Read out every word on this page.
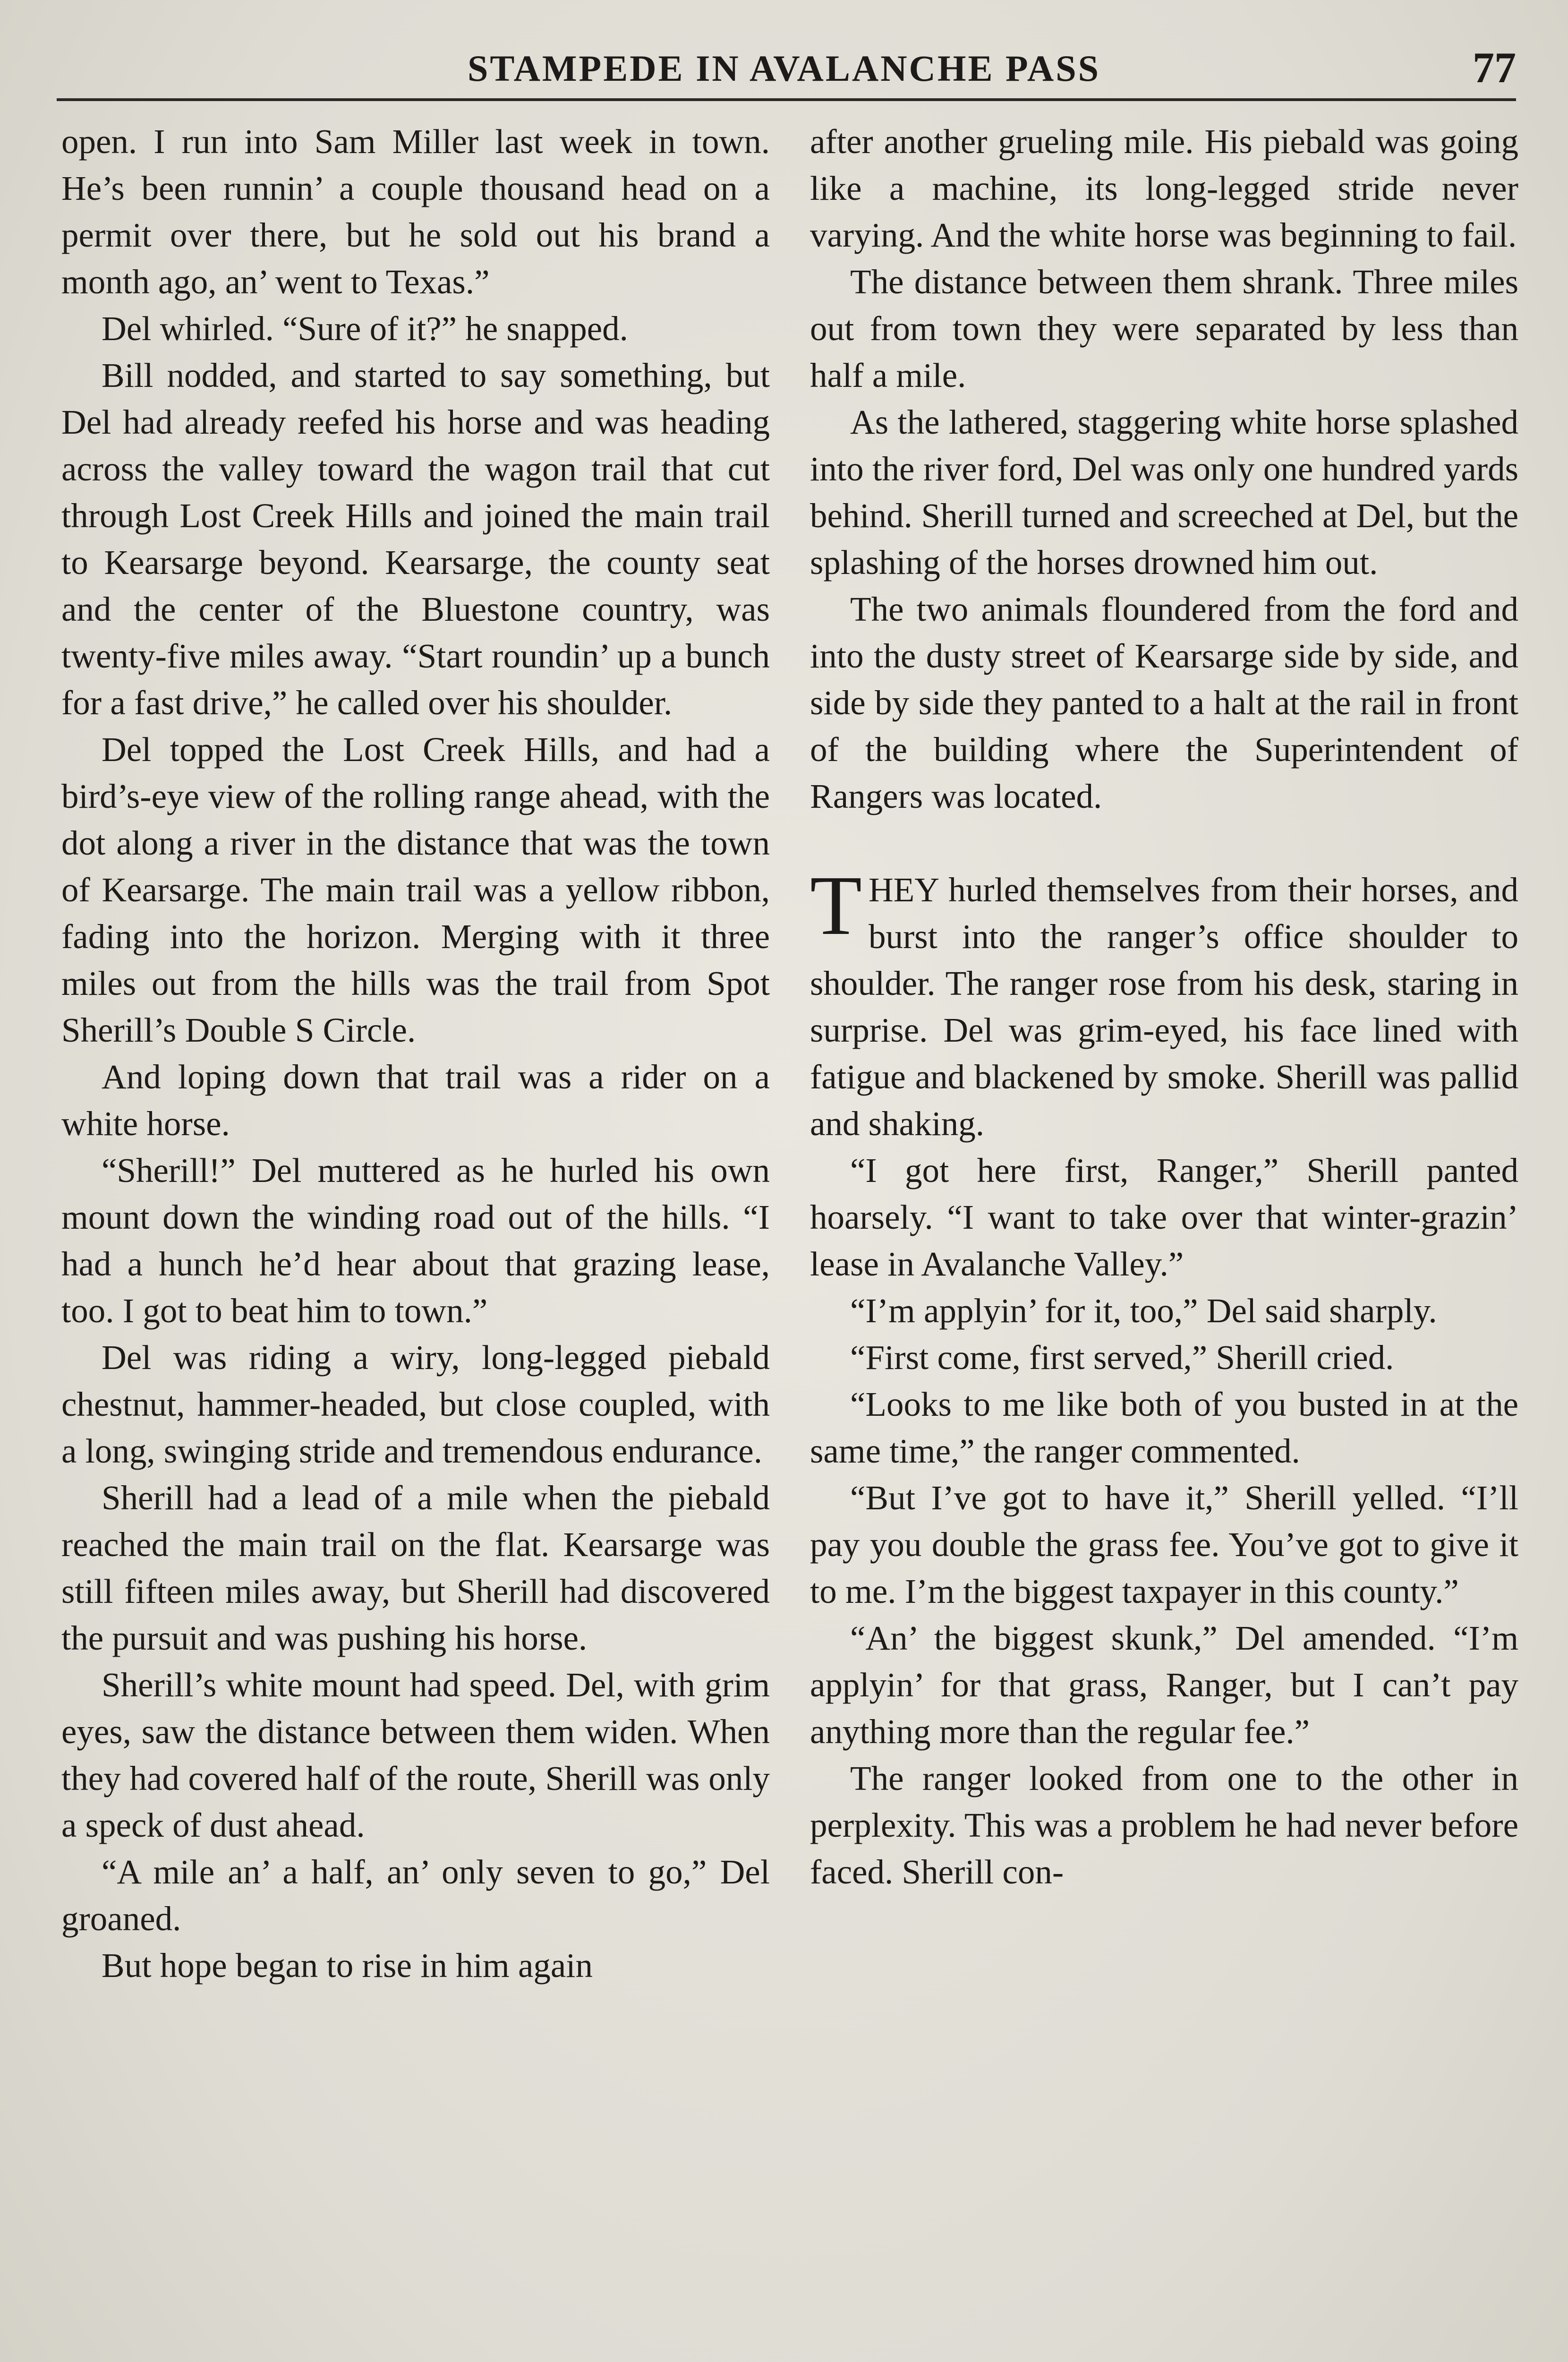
STAMPEDE IN AVALANCHE PASS	77

open. I run into Sam Miller last week in town. He’s been runnin’ a couple thousand head on a permit over there, but he sold out his brand a month ago, an’ went to Texas.”

Del whirled. “Sure of it?” he snapped.

Bill nodded, and started to say something, but Del had already reefed his horse and was heading across the valley toward the wagon trail that cut through Lost Creek Hills and joined the main trail to Kearsarge beyond. Kearsarge, the county seat and the center of the Bluestone country, was twenty-five miles away. “Start roundin’ up a bunch for a fast drive,” he called over his shoulder.

Del topped the Lost Creek Hills, and had a bird’s-eye view of the rolling range ahead, with the dot along a river in the distance that was the town of Kearsarge. The main trail was a yellow ribbon, fading into the horizon. Merging with it three miles out from the hills was the trail from Spot Sherill’s Double S Circle.

And loping down that trail was a rider on a white horse.

“Sherill!” Del muttered as he hurled his own mount down the winding road out of the hills. “I had a hunch he’d hear about that grazing lease, too. I got to beat him to town.”

Del was riding a wiry, long-legged piebald chestnut, hammer-headed, but close coupled, with a long, swinging stride and tremendous endurance.

Sherill had a lead of a mile when the piebald reached the main trail on the flat. Kearsarge was still fifteen miles away, but Sherill had discovered the pursuit and was pushing his horse.

Sherill’s white mount had speed. Del, with grim eyes, saw the distance between them widen. When they had covered half of the route, Sherill was only a speck of dust ahead.

“A mile an’ a half, an’ only seven to go,” Del groaned.

But hope began to rise in him again

after another grueling mile. His piebald was going like a machine, its long-legged stride never varying. And the white horse was beginning to fail.

The distance between them shrank. Three miles out from town they were separated by less than half a mile.

As the lathered, staggering white horse splashed into the river ford, Del was only one hundred yards behind. Sherill turned and screeched at Del, but the splashing of the horses drowned him out.

The two animals floundered from the ford and into the dusty street of Kearsarge side by side, and side by side they panted to a halt at the rail in front of the building where the Superintendent of Rangers was located.

THEY hurled themselves from their horses, and burst into the ranger’s office shoulder to shoulder. The ranger rose from his desk, staring in surprise. Del was grim-eyed, his face lined with fatigue and blackened by smoke. Sherill was pallid and shaking.

“I got here first, Ranger,” Sherill panted hoarsely. “I want to take over that winter-grazin’ lease in Avalanche Valley.”

“I’m applyin’ for it, too,” Del said sharply.

“First come, first served,” Sherill cried.

“Looks to me like both of you busted in at the same time,” the ranger commented.

“But I’ve got to have it,” Sherill yelled. “I’ll pay you double the grass fee. You’ve got to give it to me. I’m the biggest taxpayer in this county.”

“An’ the biggest skunk,” Del amended. “I’m applyin’ for that grass, Ranger, but I can’t pay anything more than the regular fee.”

The ranger looked from one to the other in perplexity. This was a problem he had never before faced. Sherill con-
